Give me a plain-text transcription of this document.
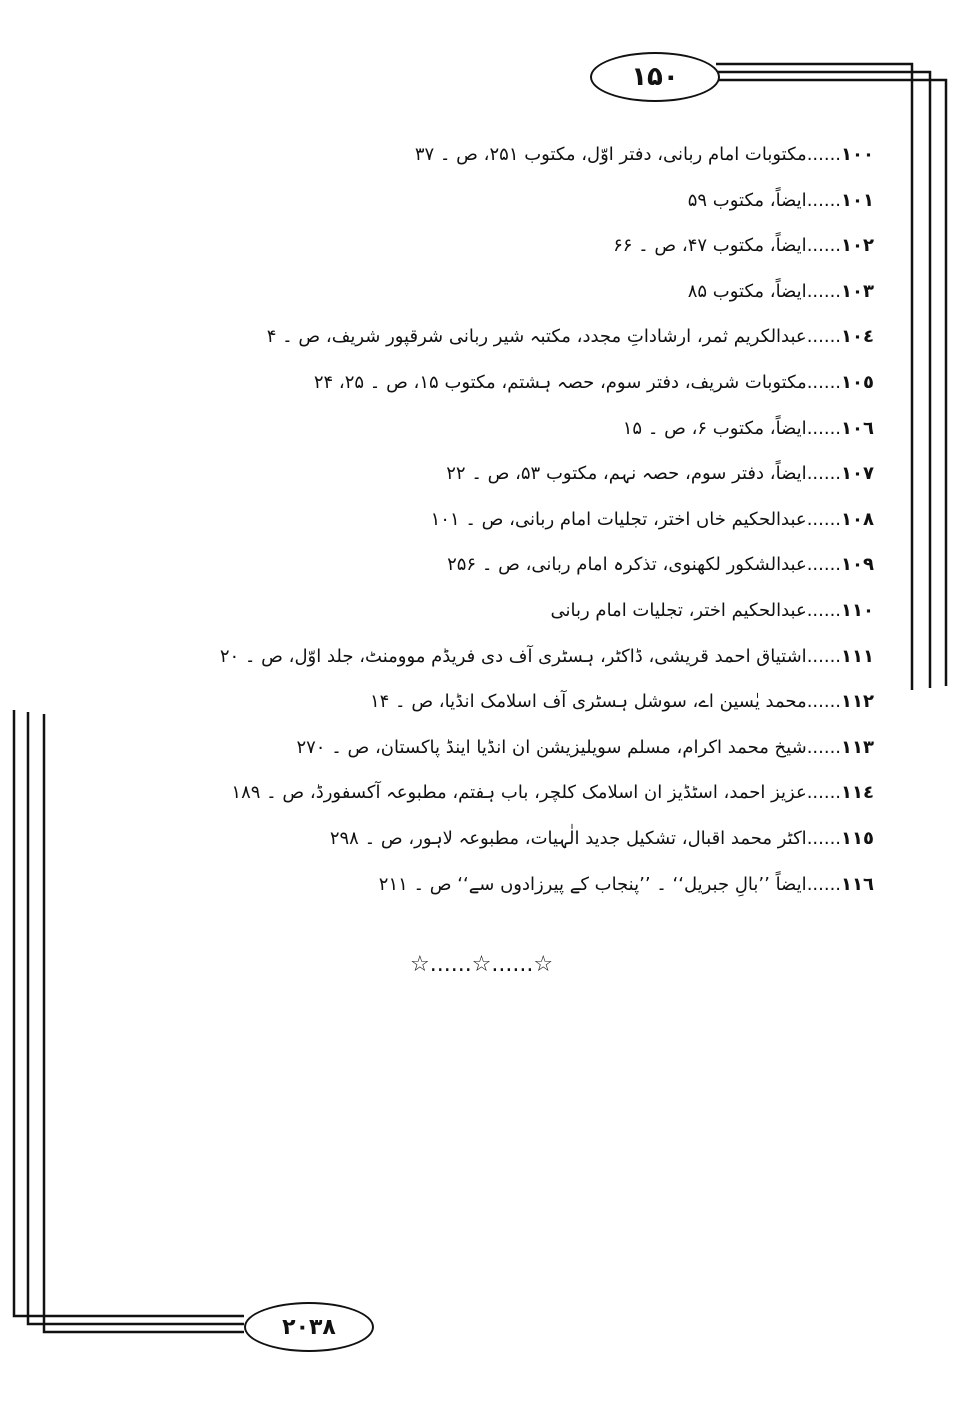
۱۵۰
١٠٠......مکتوبات امام ربانی، دفتر اوّل، مکتوب ۲۵۱، ص ۔ ۳۷
١٠١......ایضاً، مکتوب ۵۹
١٠٢......ایضاً، مکتوب ۴۷، ص ۔ ۶۶
١٠٣......ایضاً، مکتوب ۸۵
١٠٤......عبدالکریم ثمر، ارشاداتِ مجدد، مکتبہ شیر ربانی شرقپور شریف، ص ۔ ۴
١٠٥......مکتوبات شریف، دفتر سوم، حصہ ہشتم، مکتوب ۱۵، ص ۔ ۲۵، ۲۴
١٠٦......ایضاً، مکتوب ۶، ص ۔ ۱۵
١٠٧......ایضاً، دفتر سوم، حصہ نہم، مکتوب ۵۳، ص ۔ ۲۲
١٠٨......عبدالحکیم خاں اختر، تجلیات امام ربانی، ص ۔ ۱۰۱
١٠٩......عبدالشکور لکھنوی، تذکرہ امام ربانی، ص ۔ ۲۵۶
١١٠......عبدالحکیم اختر، تجلیات امام ربانی
١١١......اشتیاق احمد قریشی، ڈاکٹر، ہسٹری آف دی فریڈم موومنٹ، جلد اوّل، ص ۔ ۲۰
١١٢......محمد یٰسین اے، سوشل ہسٹری آف اسلامک انڈیا، ص ۔ ۱۴
١١٣......شیخ محمد اکرام، مسلم سویلیزیشن ان انڈیا اینڈ پاکستان، ص ۔ ۲۷۰
١١٤......عزیز احمد، اسٹڈیز ان اسلامک کلچر، باب ہفتم، مطبوعہ آکسفورڈ، ص ۔ ۱۸۹
١١٥......اکٹر محمد اقبال، تشکیل جدید الٰہیات، مطبوعہ لاہور، ص ۔ ۲۹۸
١١٦......ایضاً ’’بالِ جبریل‘‘ ۔ ’’پنجاب کے پیرزادوں سے‘‘ ص ۔ ۲۱۱
☆......☆......☆
۲۰۳۸
